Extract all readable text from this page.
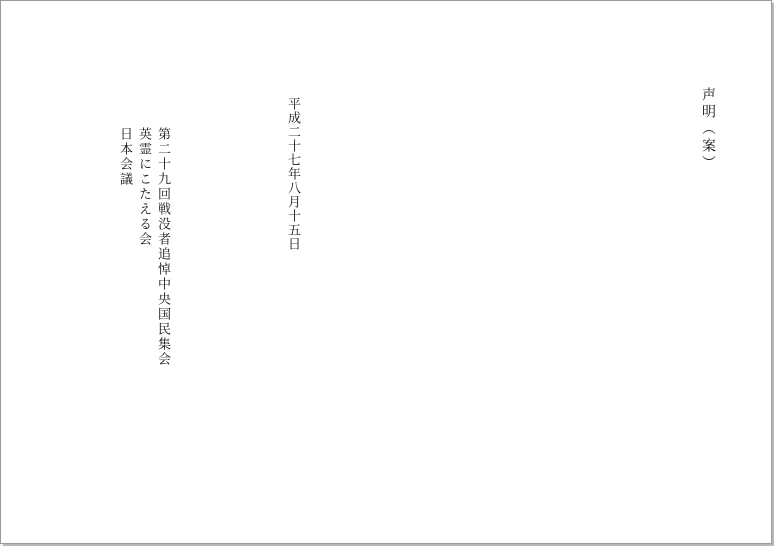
声明（案）
平成二十七年八月十五日
第二十九回戦没者追悼中央国民集会
英霊にこたえる会
日本会議
